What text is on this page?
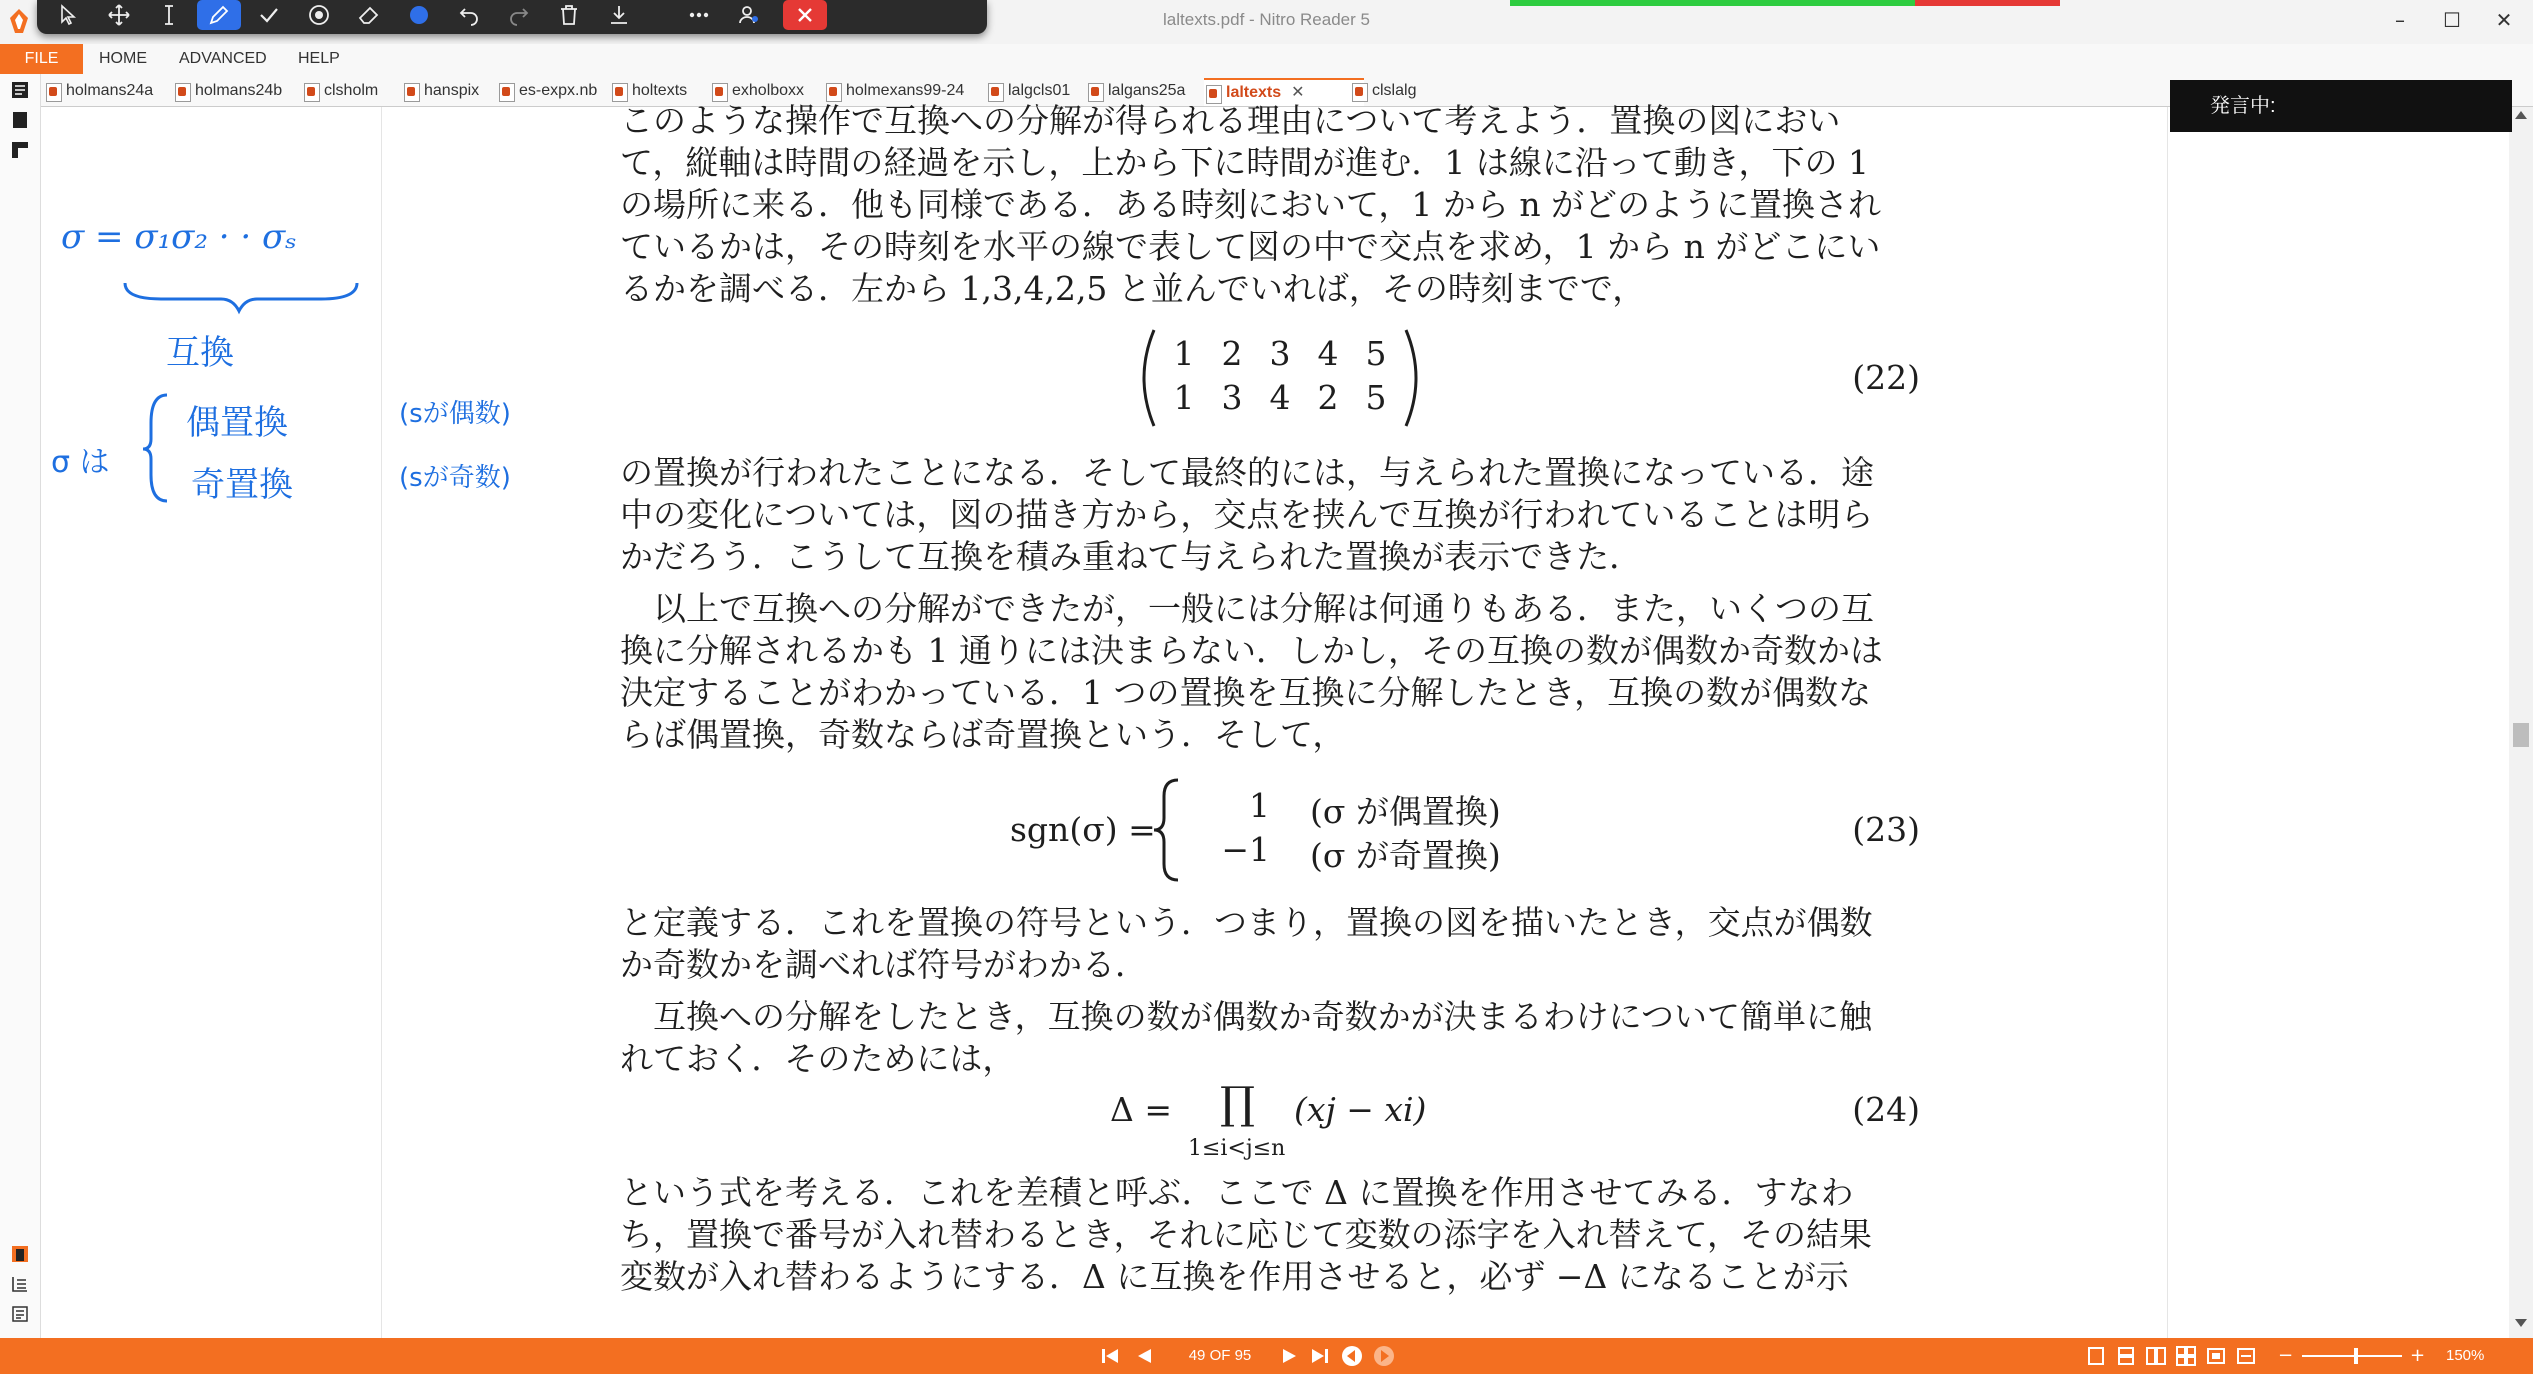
laltexts.pdf - Nitro Reader 5	–	☐	✕
FILE	HOME	ADVANCED	HELP
holmans24a	holmans24b	clsholm	hanspix	es-expx.nb	holtexts	exholboxx	holmexans99-24	lalgcls01	lalgans25a	laltexts ✕	clslalg
発言中:
このような操作で互換への分解が得られる理由について考えよう．置換の図におい
て，縦軸は時間の経過を示し，上から下に時間が進む．1 は線に沿って動き，下の 1
の場所に来る．他も同様である．ある時刻において，1 から n がどのように置換され
ているかは，その時刻を水平の線で表して図の中で交点を求め，1 から n がどこにい
るかを調べる．左から 1,3,4,2,5 と並んでいれば，その時刻までで，
1 2 3 4 5
1 3 4 2 5
(22)
の置換が行われたことになる．そして最終的には，与えられた置換になっている．途
中の変化については，図の描き方から，交点を挟んで互換が行われていることは明ら
かだろう．こうして互換を積み重ねて与えられた置換が表示できた．
　以上で互換への分解ができたが，一般には分解は何通りもある．また，いくつの互
換に分解されるかも 1 通りには決まらない．しかし，その互換の数が偶数か奇数かは
決定することがわかっている．1 つの置換を互換に分解したとき，互換の数が偶数な
らば偶置換，奇数ならば奇置換という．そして，
sgn(σ) =
1 (σ が偶置換)
−1 (σ が奇置換)
(23)
と定義する．これを置換の符号という．つまり，置換の図を描いたとき，交点が偶数
か奇数かを調べれば符号がわかる．
　互換への分解をしたとき，互換の数が偶数か奇数かが決まるわけについて簡単に触
れておく．そのためには，
Δ = ∏
1≤i<j≤n
(xj − xi)	(24)
という式を考える．これを差積と呼ぶ．ここで Δ に置換を作用させてみる．すなわ
ち，置換で番号が入れ替わるとき，それに応じて変数の添字を入れ替えて，その結果
変数が入れ替わるようにする．Δ に互換を作用させると，必ず −Δ になることが示
σ = σ₁σ₂ · · σₛ
互換
σ は
偶置換
奇置換
(sが偶数)
(sが奇数)
49 OF 95	−	+ 150%
